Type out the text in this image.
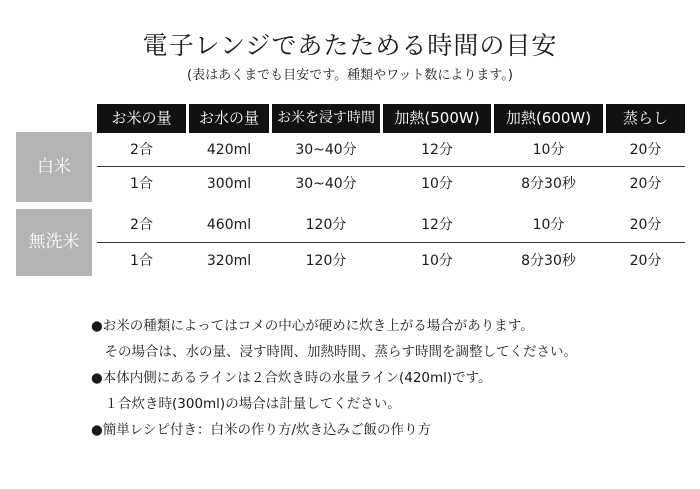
電子レンジであたためる時間の目安
(表はあくまでも目安です。種類やワット数によります。)
お米の量	お水の量	お米を浸す時間	加熱(500W)	加熱(600W)	蒸らし
白米
2合	420ml	30~40分	12分	10分	20分
1合	300ml	30~40分	10分	8分30秒	20分
無洗米
2合	460ml	120分	12分	10分	20分
1合	320ml	120分	10分	8分30秒	20分
●お米の種類によってはコメの中心が硬めに炊き上がる場合があります。
　その場合は、水の量、浸す時間、加熱時間、蒸らす時間を調整してください。
●本体内側にあるラインは２合炊き時の水量ライン(420ml)です。
　１合炊き時(300ml)の場合は計量してください。
●簡単レシピ付き：白米の作り方/炊き込みご飯の作り方
